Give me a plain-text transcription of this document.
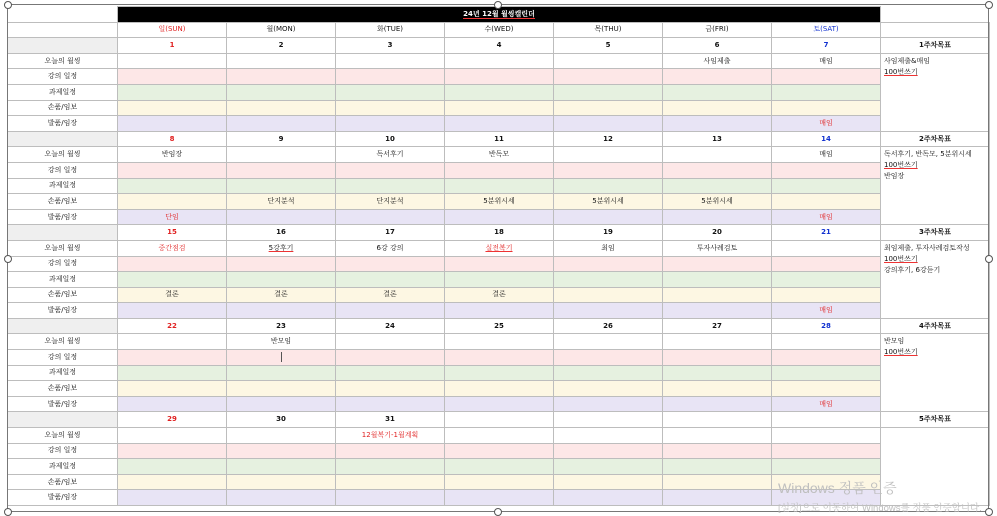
	24년 12월 월씽캘린더							
	일(SUN)	월(MON)	화(TUE)	수(WED)	목(THU)	금(FRI)	토(SAT)	
	1	2	3	4	5	6	7	1주차목표
오늘의 월씽						사임제출	매임	사임제출&매임
100번쓰기

강의 일정								
과제일정								
손품/임보								
발품/임장							매임	
	8	9	10	11	12	13	14	2주차목표
오늘의 월씽	반임장		독서후기	반독모			매임	독서후기, 반독모, 5분위시세
100번쓰기
반임장

강의 일정								
과제일정								
손품/임보		단지분석	단지분석	5분위시세	5분위시세	5분위시세		
발품/임장	단임						매임	
	15	16	17	18	19	20	21	3주차목표
오늘의 월씽	중간점검	5강후기	6강 강의	실전복기	최임	투자사례검토		최임제출, 투자사례검토작성
100번쓰기
강의후기, 6강듣기

강의 일정								
과제일정								
손품/임보	결론	결론	결론	결론				
발품/임장							매임	
	22	23	24	25	26	27	28	4주차목표
오늘의 월씽		반모임						반모임
100번쓰기

강의 일정								
과제일정								
손품/임보								
발품/임장							매임	
	29	30	31					5주차목표
오늘의 월씽			12월복기-1월계획					
강의 일정								
과제일정								
손품/임보								
발품/임장								
Windows 정품 인증
[설정]으로 이동하여 Windows를 정품 인증합니다.
